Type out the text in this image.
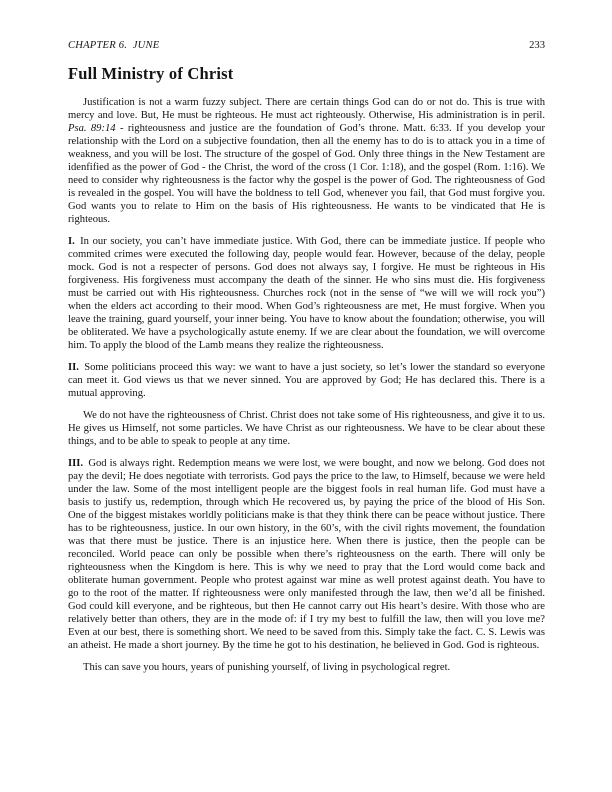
CHAPTER 6.  JUNE	233
Full Ministry of Christ

Justification is not a warm fuzzy subject. There are certain things God can do or not do. This is true with mercy and love. But, He must be righteous. He must act righteously. Otherwise, His administration is in peril. Psa. 89:14 - righteousness and justice are the foundation of God’s throne. Matt. 6:33. If you develop your relationship with the Lord on a subjective foundation, then all the enemy has to do is to attack you in a time of weakness, and you will be lost. The structure of the gospel of God. Only three things in the New Testament are idenfified as the power of God - the Christ, the word of the cross (1 Cor. 1:18), and the gospel (Rom. 1:16). We need to consider why righteousness is the factor why the gospel is the power of God. The righteousness of God is revealed in the gospel. You will have the boldness to tell God, whenever you fail, that God must forgive you. God wants you to relate to Him on the basis of His righteousness. He wants to be vindicated that He is righteous.

I. In our society, you can’t have immediate justice. With God, there can be immediate justice. If people who commited crimes were executed the following day, people would fear. However, because of the delay, people mock. God is not a respecter of persons. God does not always say, I forgive. He must be righteous in His forgiveness. His forgiveness must accompany the death of the sinner. He who sins must die. His forgiveness must be carried out with His righteousness. Churches rock (not in the sense of “we will we will rock you”) when the elders act according to their mood. When God’s righteousness are met, He must forgive. When you leave the training, guard yourself, your inner being. You have to know about the foundation; otherwise, you will be obliterated. We have a psychologically astute enemy. If we are clear about the foundation, we will overcome him. To apply the blood of the Lamb means they realize the righteousness.

II. Some politicians proceed this way: we want to have a just society, so let’s lower the standard so everyone can meet it. God views us that we never sinned. You are approved by God; He has declared this. There is a mutual approving.

We do not have the righteousness of Christ. Christ does not take some of His righteousness, and give it to us. He gives us Himself, not some particles. We have Christ as our righteousness. We have to be clear about these things, and to be able to speak to people at any time.

III. God is always right. Redemption means we were lost, we were bought, and now we belong. God does not pay the devil; He does negotiate with terrorists. God pays the price to the law, to Himself, because we were held under the law. Some of the most intelligent people are the biggest fools in real human life. God must have a basis to justify us, redemption, through which He recovered us, by paying the price of the blood of His Son. One of the biggest mistakes worldly politicians make is that they think there can be peace without justice. There has to be righteousness, justice. In our own history, in the 60’s, with the civil rights movement, the foundation was that there must be justice. There is an injustice here. When there is justice, then the people can be reconciled. World peace can only be possible when there’s righteousness on the earth. There will only be righteousness when the Kingdom is here. This is why we need to pray that the Lord would come back and obliterate human government. People who protest against war mine as well protest against death. You have to go to the root of the matter. If righteousness were only manifested through the law, then we’d all be finished. God could kill everyone, and be righteous, but then He cannot carry out His heart’s desire. With those who are relatively better than others, they are in the mode of: if I try my best to fulfill the law, then will you love me? Even at our best, there is something short. We need to be saved from this. Simply take the fact. C. S. Lewis was an atheist. He made a short journey. By the time he got to his destination, he believed in God. God is righteous.

This can save you hours, years of punishing yourself, of living in psychological regret.
